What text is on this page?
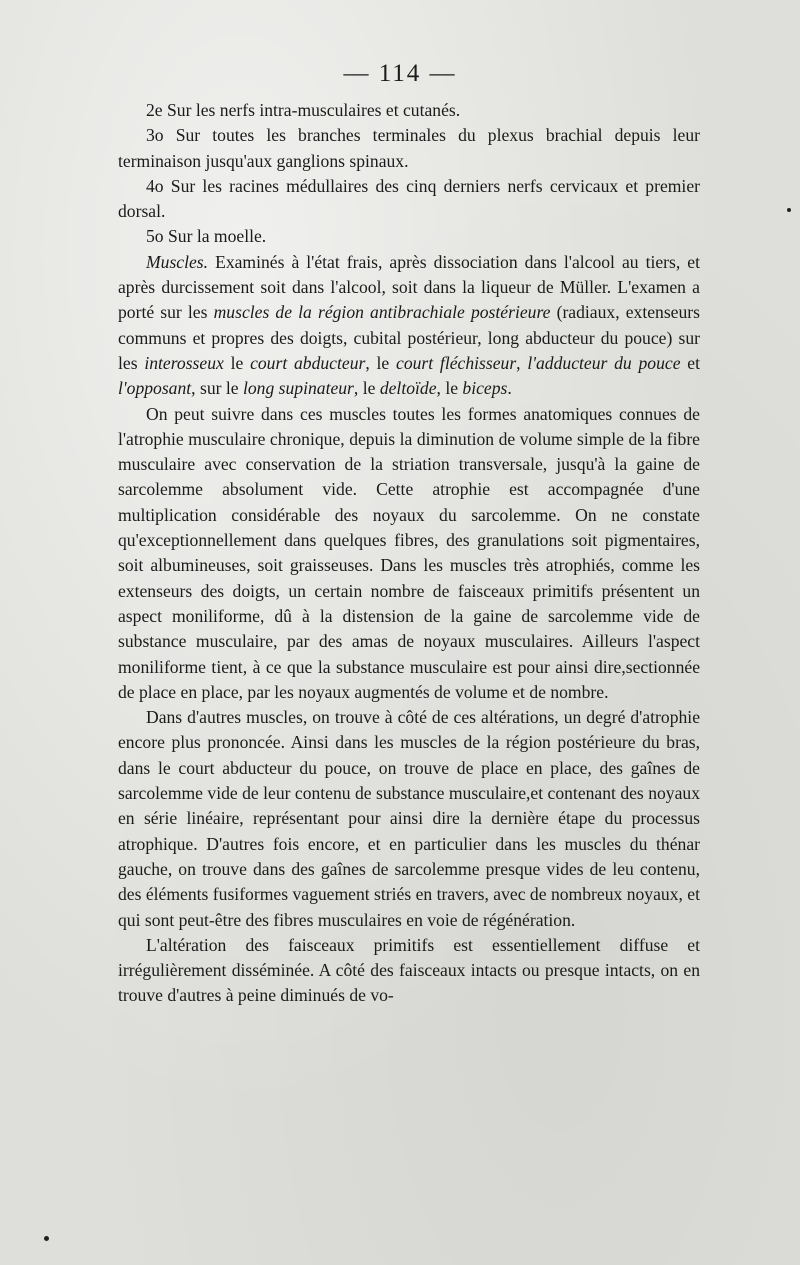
— 114 —

2e Sur les nerfs intra-musculaires et cutanés.

3o Sur toutes les branches terminales du plexus brachial depuis leur terminaison jusqu'aux ganglions spinaux.

4o Sur les racines médullaires des cinq derniers nerfs cervicaux et premier dorsal.

5o Sur la moelle.

Muscles. Examinés à l'état frais, après dissociation dans l'alcool au tiers, et après durcissement soit dans l'alcool, soit dans la liqueur de Müller. L'examen a porté sur les muscles de la région antibrachiale postérieure (radiaux, extenseurs communs et propres des doigts, cubital postérieur, long abducteur du pouce) sur les interosseux le court abducteur, le court fléchisseur, l'adducteur du pouce et l'opposant, sur le long supinateur, le deltoïde, le biceps.

On peut suivre dans ces muscles toutes les formes anatomiques connues de l'atrophie musculaire chronique, depuis la diminution de volume simple de la fibre musculaire avec conservation de la striation transversale, jusqu'à la gaine de sarcolemme absolument vide. Cette atrophie est accompagnée d'une multiplication considérable des noyaux du sarcolemme. On ne constate qu'exceptionnellement dans quelques fibres, des granulations soit pigmentaires, soit albumineuses, soit graisseuses. Dans les muscles très atrophiés, comme les extenseurs des doigts, un certain nombre de faisceaux primitifs présentent un aspect moniliforme, dû à la distension de la gaine de sarcolemme vide de substance musculaire, par des amas de noyaux musculaires. Ailleurs l'aspect moniliforme tient, à ce que la substance musculaire est pour ainsi dire,sectionnée de place en place, par les noyaux augmentés de volume et de nombre.

Dans d'autres muscles, on trouve à côté de ces altérations, un degré d'atrophie encore plus prononcée. Ainsi dans les muscles de la région postérieure du bras, dans le court abducteur du pouce, on trouve de place en place, des gaînes de sarcolemme vide de leur contenu de substance musculaire,et contenant des noyaux en série linéaire, représentant pour ainsi dire la dernière étape du processus atrophique. D'autres fois encore, et en particulier dans les muscles du thénar gauche, on trouve dans des gaînes de sarcolemme presque vides de leu contenu, des éléments fusiformes vaguement striés en travers, avec de nombreux noyaux, et qui sont peut-être des fibres musculaires en voie de régénération.

L'altération des faisceaux primitifs est essentiellement diffuse et irrégulièrement disséminée. A côté des faisceaux intacts ou presque intacts, on en trouve d'autres à peine diminués de vo-
